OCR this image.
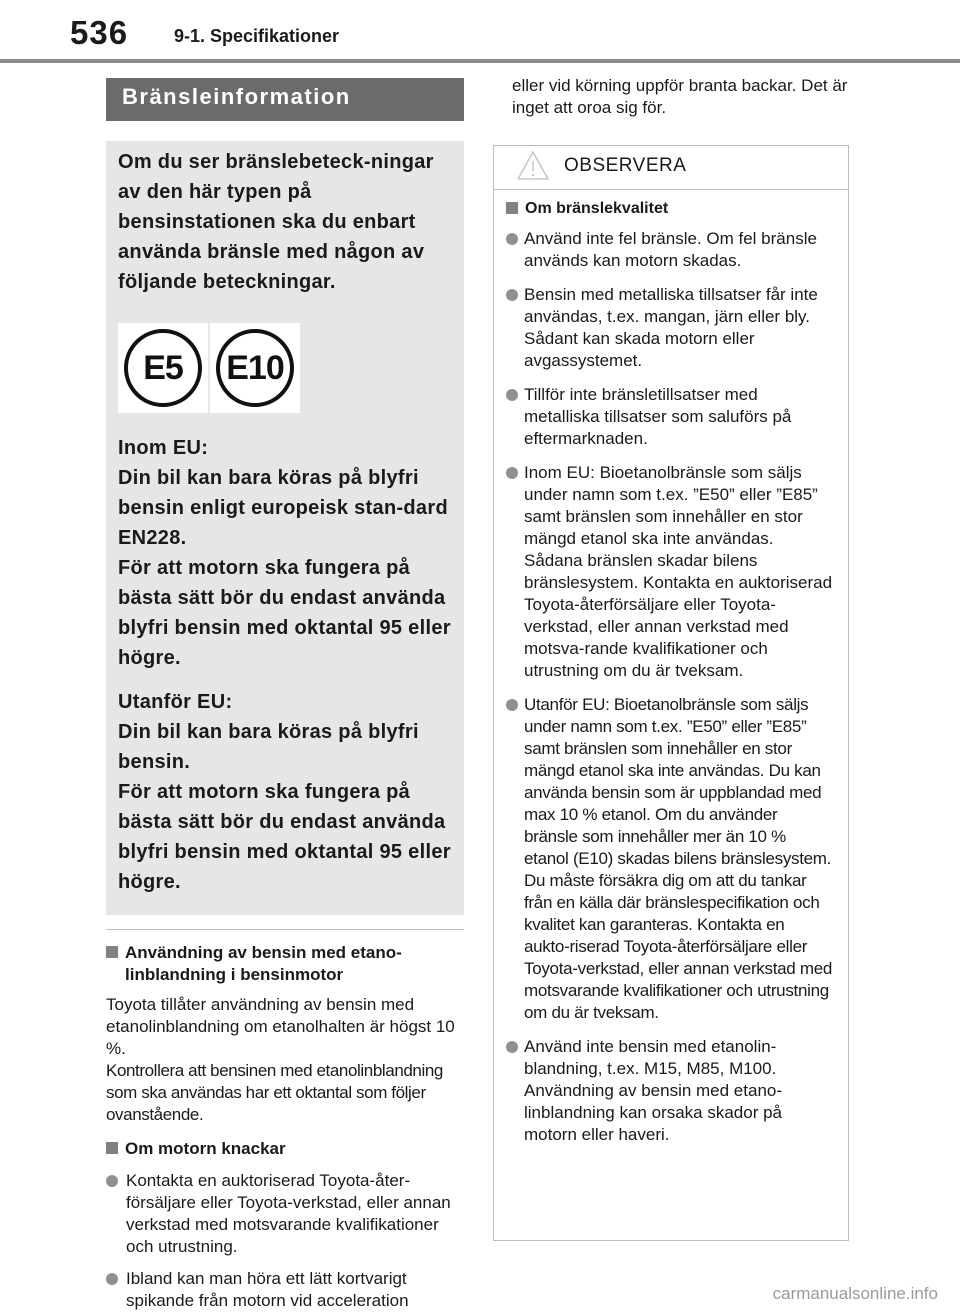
536	9-1. Specifikationer
Bränsleinformation

Om du ser bränslebeteck-ningar av den här typen på bensinstationen ska du enbart använda bränsle med någon av följande beteckningar.

E5	E10

Inom EU:

Din bil kan bara köras på blyfri bensin enligt europeisk stan-dard EN228.

För att motorn ska fungera på bästa sätt bör du endast använda blyfri bensin med oktantal 95 eller högre.

Utanför EU:

Din bil kan bara köras på blyfri bensin.

För att motorn ska fungera på bästa sätt bör du endast använda blyfri bensin med oktantal 95 eller högre.

Användning av bensin med etano-linblandning i bensinmotor
Toyota tillåter användning av bensin med etanolinblandning om etanolhalten är högst 10 %.
Kontrollera att bensinen med etanolinblandning som ska användas har ett oktantal som följer ovanstående.
Om motorn knackar
Kontakta en auktoriserad Toyota-åter-försäljare eller Toyota-verkstad, eller annan verkstad med motsvarande kvalifikationer och utrustning.
Ibland kan man höra ett lätt kortvarigt spikande från motorn vid acceleration
eller vid körning uppför branta backar. Det är inget att oroa sig för.
OBSERVERA
Om bränslekvalitet
Använd inte fel bränsle. Om fel bränsle används kan motorn skadas.
Bensin med metalliska tillsatser får inte användas, t.ex. mangan, järn eller bly. Sådant kan skada motorn eller avgassystemet.
Tillför inte bränsletillsatser med metalliska tillsatser som saluförs på eftermarknaden.
Inom EU: Bioetanolbränsle som säljs under namn som t.ex. ”E50” eller ”E85” samt bränslen som innehåller en stor mängd etanol ska inte användas. Sådana bränslen skadar bilens bränslesystem. Kontakta en auktoriserad Toyota-återförsäljare eller Toyota-verkstad, eller annan verkstad med motsva-rande kvalifikationer och utrustning om du är tveksam.
Utanför EU: Bioetanolbränsle som säljs under namn som t.ex. ”E50” eller ”E85” samt bränslen som innehåller en stor mängd etanol ska inte användas. Du kan använda bensin som är uppblandad med max 10 % etanol. Om du använder bränsle som innehåller mer än 10 % etanol (E10) skadas bilens bränslesystem. Du måste försäkra dig om att du tankar från en källa där bränslespecifikation och kvalitet kan garanteras. Kontakta en aukto-riserad Toyota-återförsäljare eller Toyota-verkstad, eller annan verkstad med motsvarande kvalifikationer och utrustning om du är tveksam.
Använd inte bensin med etanolin-blandning, t.ex. M15, M85, M100. Användning av bensin med etano-linblandning kan orsaka skador på motorn eller haveri.
carmanualsonline.info
